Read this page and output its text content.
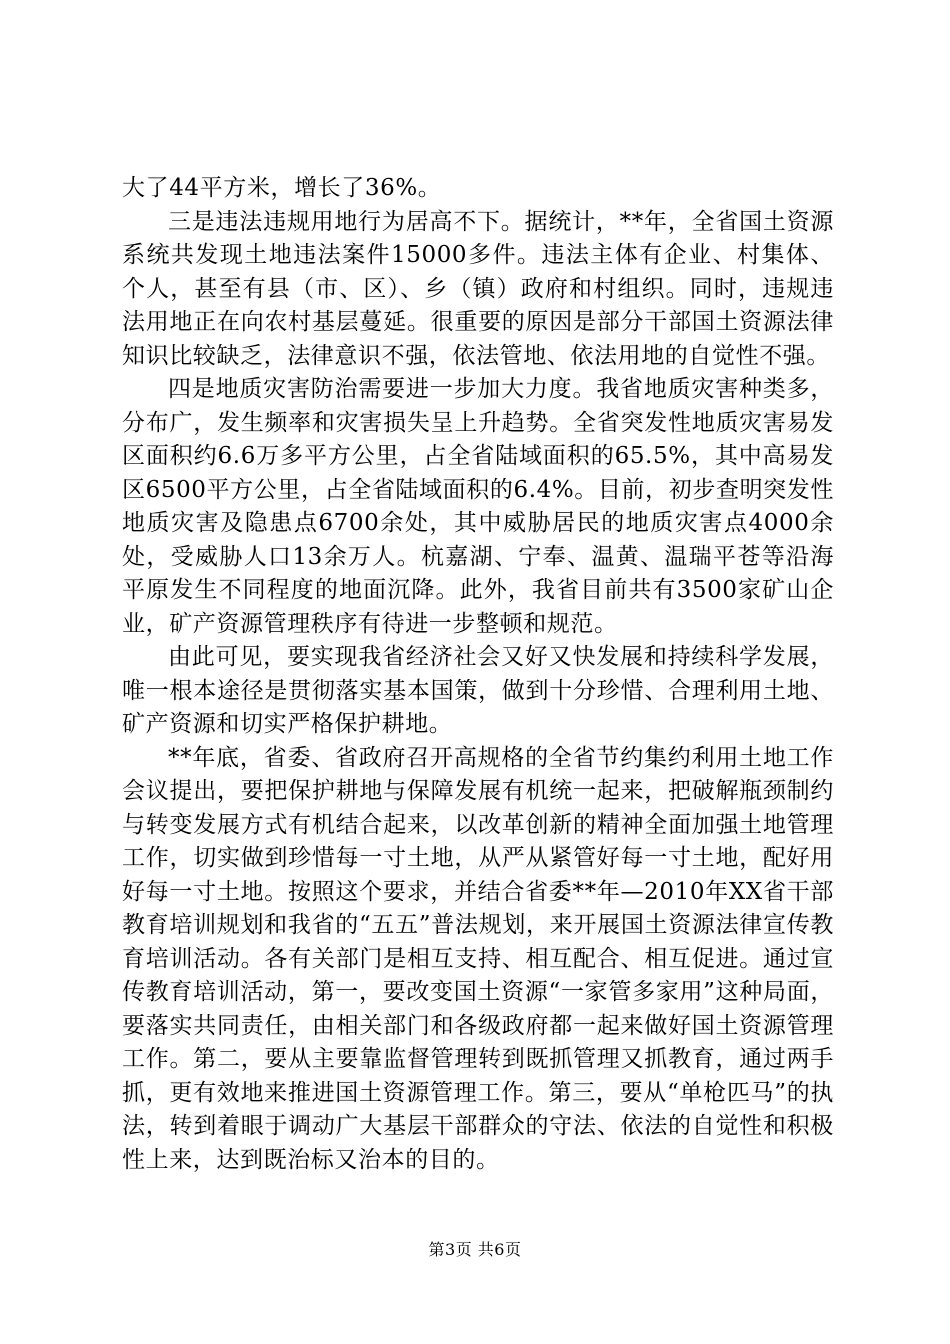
大了44平方米，增长了36%。

三是违法违规用地行为居高不下。据统计，**年，全省国土资源系统共发现土地违法案件15000多件。违法主体有企业、村集体、个人，甚至有县（市、区）、乡（镇）政府和村组织。同时，违规违法用地正在向农村基层蔓延。很重要的原因是部分干部国土资源法律知识比较缺乏，法律意识不强，依法管地、依法用地的自觉性不强。

四是地质灾害防治需要进一步加大力度。我省地质灾害种类多，分布广，发生频率和灾害损失呈上升趋势。全省突发性地质灾害易发区面积约6.6万多平方公里，占全省陆域面积的65.5%，其中高易发区6500平方公里，占全省陆域面积的6.4%。目前，初步查明突发性地质灾害及隐患点6700余处，其中威胁居民的地质灾害点4000余处，受威胁人口13余万人。杭嘉湖、宁奉、温黄、温瑞平苍等沿海平原发生不同程度的地面沉降。此外，我省目前共有3500家矿山企业，矿产资源管理秩序有待进一步整顿和规范。

由此可见，要实现我省经济社会又好又快发展和持续科学发展，唯一根本途径是贯彻落实基本国策，做到十分珍惜、合理利用土地、矿产资源和切实严格保护耕地。

**年底，省委、省政府召开高规格的全省节约集约利用土地工作会议提出，要把保护耕地与保障发展有机统一起来，把破解瓶颈制约与转变发展方式有机结合起来，以改革创新的精神全面加强土地管理工作，切实做到珍惜每一寸土地，从严从紧管好每一寸土地，配好用好每一寸土地。按照这个要求，并结合省委**年—2010年XX省干部教育培训规划和我省的“五五”普法规划，来开展国土资源法律宣传教育培训活动。各有关部门是相互支持、相互配合、相互促进。通过宣传教育培训活动，第一，要改变国土资源“一家管多家用”这种局面，要落实共同责任，由相关部门和各级政府都一起来做好国土资源管理工作。第二，要从主要靠监督管理转到既抓管理又抓教育，通过两手抓，更有效地来推进国土资源管理工作。第三，要从“单枪匹马”的执法，转到着眼于调动广大基层干部群众的守法、依法的自觉性和积极性上来，达到既治标又治本的目的。

第3页 共6页
